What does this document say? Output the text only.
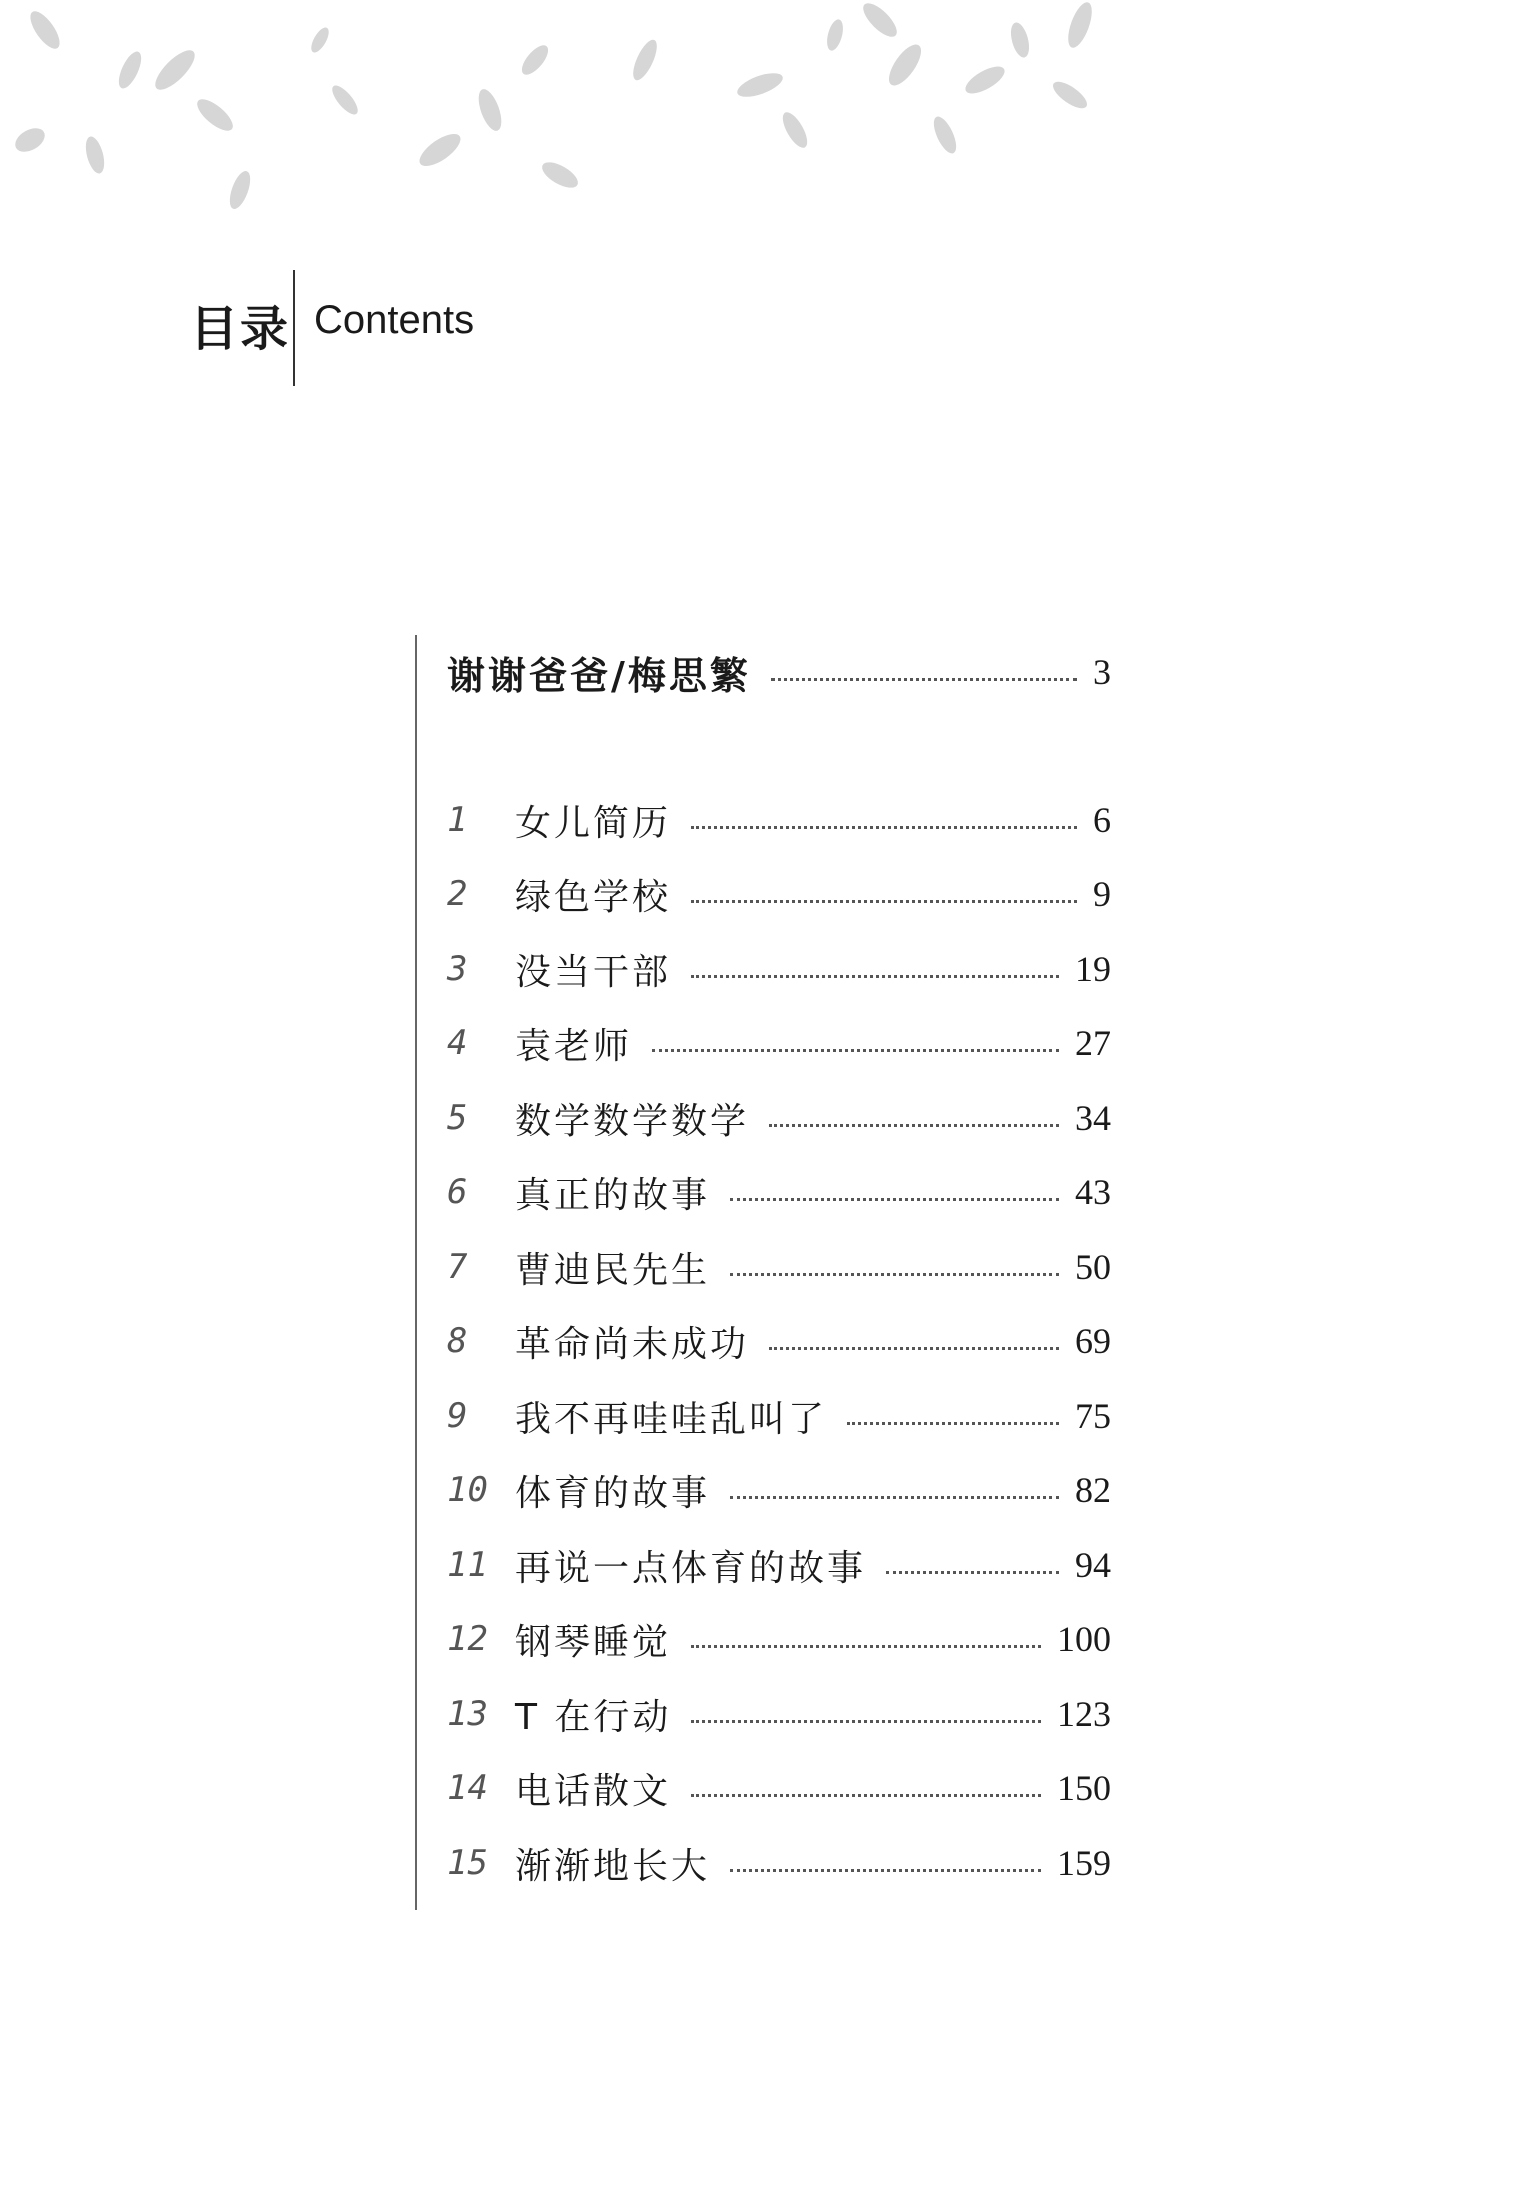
目录 Contents
谢谢爸爸/梅思繁	3
1	女儿简历	6
2	绿色学校	9
3	没当干部	19
4	袁老师	27
5	数学数学数学	34
6	真正的故事	43
7	曹迪民先生	50
8	革命尚未成功	69
9	我不再哇哇乱叫了	75
10 体育的故事	82
11 再说一点体育的故事	94
12 钢琴睡觉	100
13 T 在行动	123
14 电话散文	150
15 渐渐地长大	159
